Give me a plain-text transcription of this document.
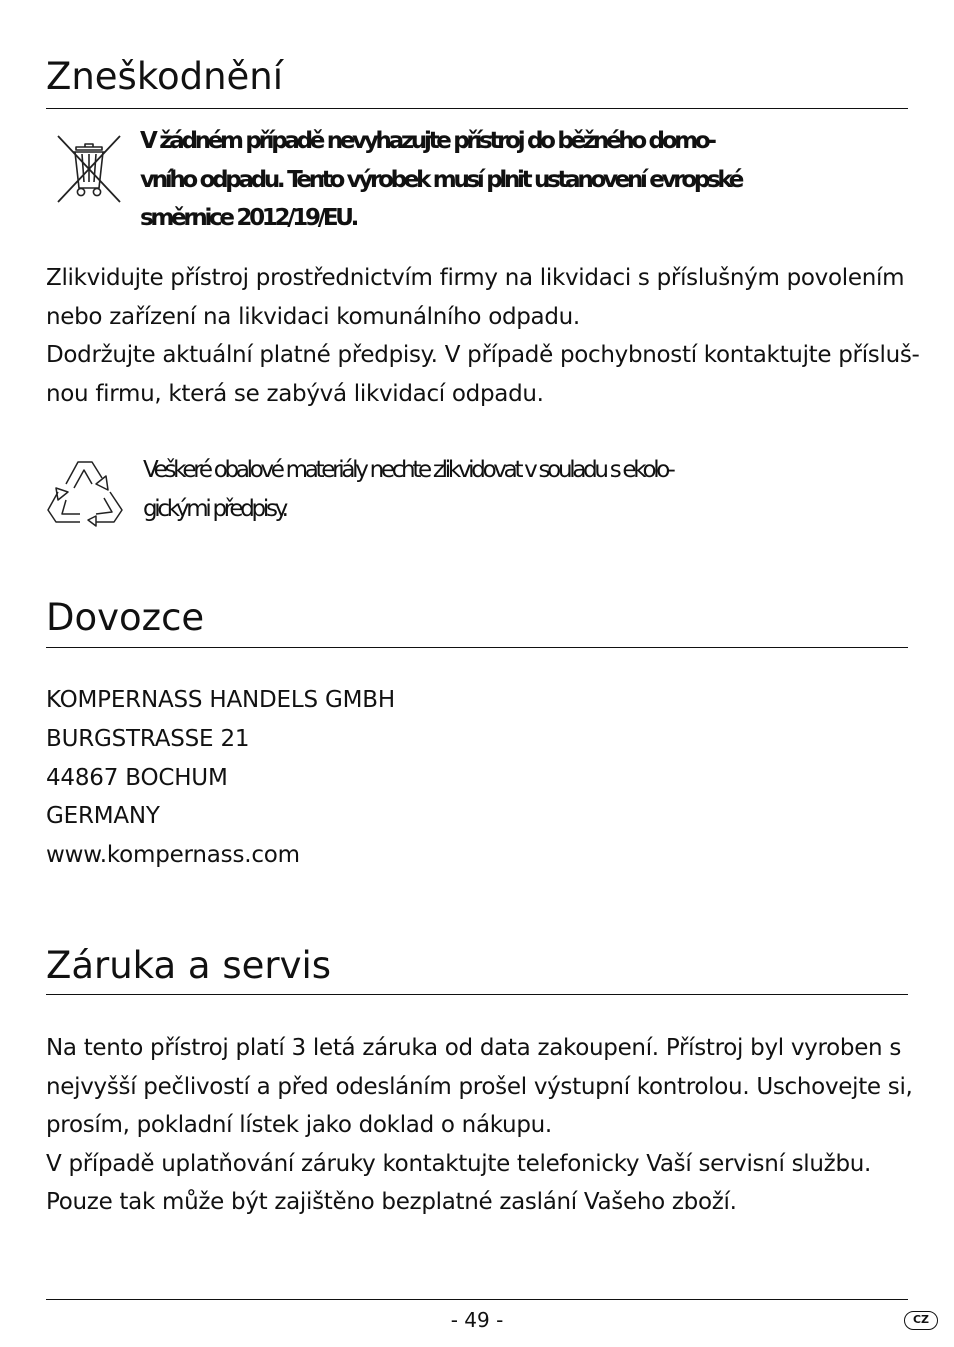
Zneškodnění

V žádném případě nevyhazujte přístroj do běžného domo-
vního odpadu. Tento výrobek musí plnit ustanovení evropské
směrnice 2012/19/EU.

Zlikvidujte přístroj prostřednictvím firmy na likvidaci s příslušným povolením
nebo zařízení na likvidaci komunálního odpadu.
Dodržujte aktuální platné předpisy. V případě pochybností kontaktujte přísluš-
nou firmu, která se zabývá likvidací odpadu.

Veškeré obalové materiály nechte zlikvidovat v souladu s ekolo-
gickými předpisy.

Dovozce

KOMPERNASS HANDELS GMBH
BURGSTRASSE 21
44867 BOCHUM
GERMANY
www.kompernass.com

Záruka a servis

Na tento přístroj platí 3 letá záruka od data zakoupení. Přístroj byl vyroben s
nejvyšší pečlivostí a před odesláním prošel výstupní kontrolou. Uschovejte si,
prosím, pokladní lístek jako doklad o nákupu.
V případě uplatňování záruky kontaktujte telefonicky Vaší servisní službu.
Pouze tak může být zajištěno bezplatné zaslání Vašeho zboží.

- 49 -	CZ
